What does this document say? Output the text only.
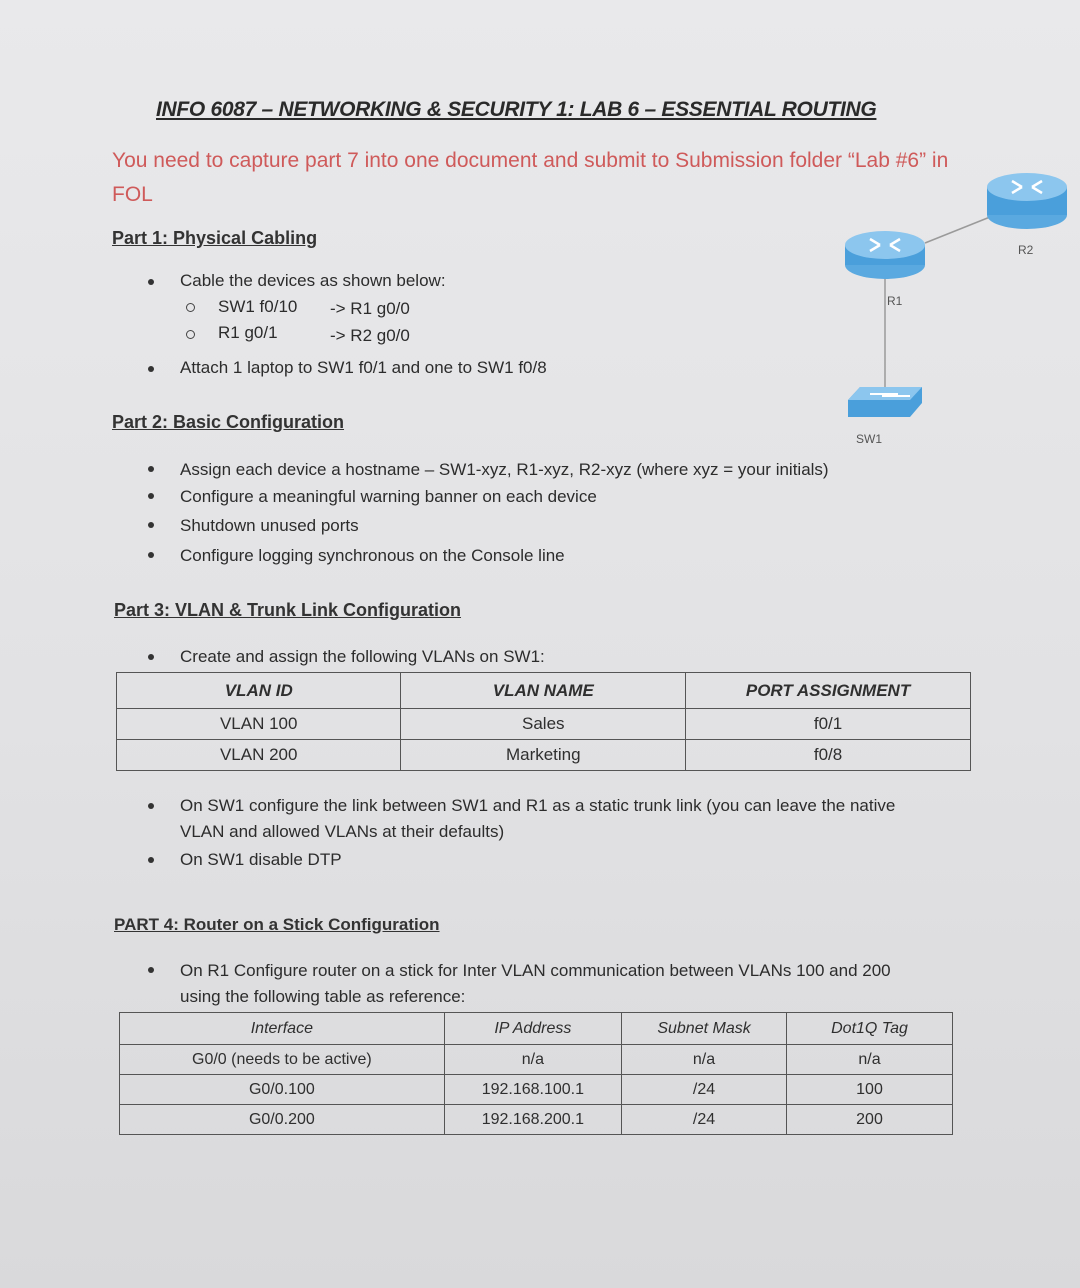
INFO 6087 – NETWORKING & SECURITY 1: LAB 6 – ESSENTIAL ROUTING
You need to capture part 7 into one document and submit to Submission folder “Lab #6” in FOL
R2
R1
SW1
Part 1: Physical Cabling
Cable the devices as shown below:
SW1 f0/10 -> R1 g0/0
R1 g0/1	-> R2 g0/0
Attach 1 laptop to SW1 f0/1 and one to SW1 f0/8
Part 2: Basic Configuration
Assign each device a hostname – SW1-xyz, R1-xyz, R2-xyz (where xyz = your initials)
Configure a meaningful warning banner on each device
Shutdown unused ports
Configure logging synchronous on the Console line
Part 3: VLAN & Trunk Link Configuration
Create and assign the following VLANs on SW1:
VLAN ID	VLAN NAME	PORT ASSIGNMENT
VLAN 100	Sales	f0/1
VLAN 200	Marketing	f0/8
On SW1 configure the link between SW1 and R1 as a static trunk link (you can leave the native
VLAN and allowed VLANs at their defaults)
On SW1 disable DTP
PART 4: Router on a Stick Configuration
On R1 Configure router on a stick for Inter VLAN communication between VLANs 100 and 200
using the following table as reference:
Interface	IP Address	Subnet Mask	Dot1Q Tag
G0/0 (needs to be active)	n/a	n/a	n/a
G0/0.100	192.168.100.1	/24	100
G0/0.200	192.168.200.1	/24	200
